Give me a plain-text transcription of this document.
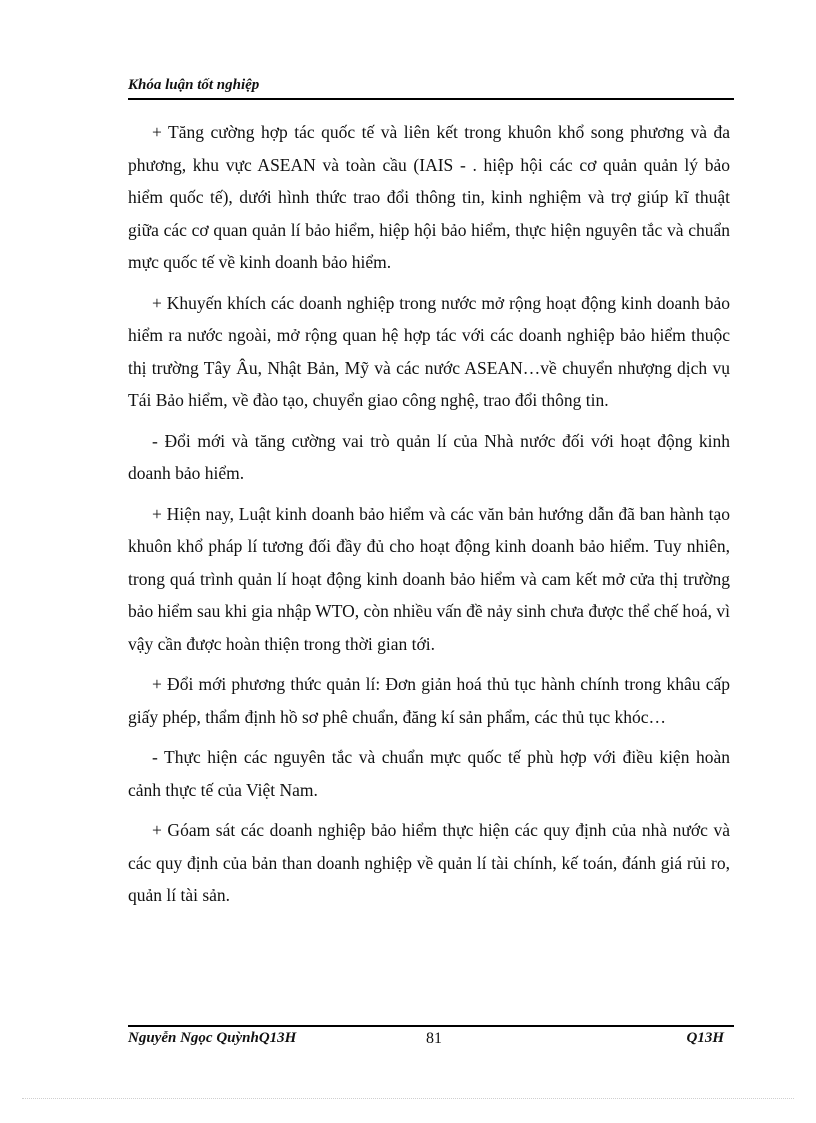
Khóa luận tốt nghiệp

+ Tăng cường hợp tác quốc tế và liên kết trong khuôn khổ song phương và đa phương, khu vực ASEAN và toàn cầu (IAIS - . hiệp hội các cơ quản quản lý bảo hiểm quốc tế), dưới hình thức trao đổi thông tin, kinh nghiệm và trợ giúp kĩ thuật giữa các cơ quan quản lí bảo hiểm, hiệp hội bảo hiểm, thực hiện nguyên tắc và chuẩn mực quốc tế về kinh doanh bảo hiểm.

+ Khuyến khích các doanh nghiệp trong nước mở rộng hoạt động kinh doanh bảo hiểm ra nước ngoài, mở rộng quan hệ hợp tác với các doanh nghiệp bảo hiểm thuộc thị trường Tây Âu, Nhật Bản, Mỹ và các nước ASEAN…về chuyển nhượng dịch vụ Tái Bảo hiểm, về đào tạo, chuyển giao công nghệ, trao đổi thông tin.

- Đổi mới và tăng cường vai trò quản lí của Nhà nước đối với hoạt động kinh doanh bảo hiểm.

+ Hiện nay, Luật kinh doanh bảo hiểm và các văn bản hướng dẫn đã ban hành tạo khuôn khổ pháp lí tương đối đầy đủ cho hoạt động kinh doanh bảo hiểm. Tuy nhiên, trong quá trình quản lí hoạt động kinh doanh bảo hiểm và cam kết mở cửa thị trường bảo hiểm sau khi gia nhập WTO, còn nhiều vấn đề nảy sinh chưa được thể chế hoá, vì vậy cần được hoàn thiện trong thời gian tới.

+ Đổi mới phương thức quản lí: Đơn giản hoá thủ tục hành chính trong khâu cấp giấy phép, thẩm định hồ sơ phê chuẩn, đăng kí sản phẩm, các thủ tục khóc…

- Thực hiện các nguyên tắc và chuẩn mực quốc tế phù hợp với điều kiện hoàn cảnh thực tế của Việt Nam.

+ Góam sát các doanh nghiệp bảo hiểm thực hiện các quy định của nhà nước và các quy định của bản than doanh nghiệp về quản lí tài chính, kế toán, đánh giá rủi ro, quản lí tài sản.

Nguyễn Ngọc QuỳnhQ13H	81	Q13H
